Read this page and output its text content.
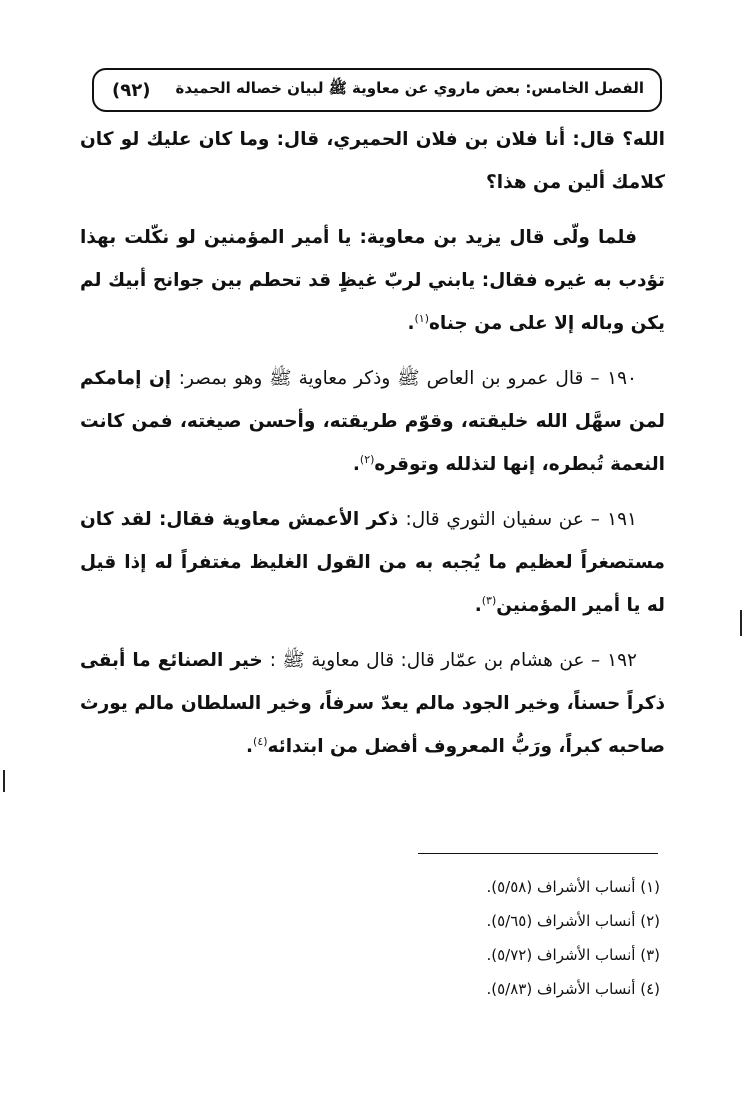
الفصل الخامس: بعض ماروي عن معاوية ﷺ لبيان خصاله الحميدة
(٩٢)

الله؟ قال: أنا فلان بن فلان الحميري، قال: وما كان عليك لو كان كلامك ألين من هذا؟

فلما ولّى قال يزيد بن معاوية: يا أمير المؤمنين لو نكّلت بهذا تؤدب به غيره فقال: يابني لربّ غيظٍ قد تحطم بين جوانح أبيك لم يكن وباله إلا على من جناه$^{(١)}$.

١٩٠ – قال عمرو بن العاص ﷺ وذكر معاوية ﷺ وهو بمصر: إن إمامكم لمن سهَّل الله خليقته، وقوّم طريقته، وأحسن صيغته، فمن كانت النعمة تُبطره، إنها لتذلله وتوقره$^{(٢)}$.

١٩١ – عن سفيان الثوري قال: ذكر الأعمش معاوية فقال: لقد كان مستصغراً لعظيم ما يُجبه به من القول الغليظ مغتفراً له إذا قيل له يا أمير المؤمنين$^{(٣)}$.

١٩٢ – عن هشام بن عمّار قال: قال معاوية ﷺ : خير الصنائع ما أبقى ذكراً حسناً، وخير الجود مالم يعدّ سرفاً، وخير السلطان مالم يورث صاحبه كبراً، ورَبُّ المعروف أفضل من ابتدائه$^{(٤)}$.

(١) أنساب الأشراف (٥/٥٨).

(٢) أنساب الأشراف (٥/٦٥).

(٣) أنساب الأشراف (٥/٧٢).

(٤) أنساب الأشراف (٥/٨٣).
